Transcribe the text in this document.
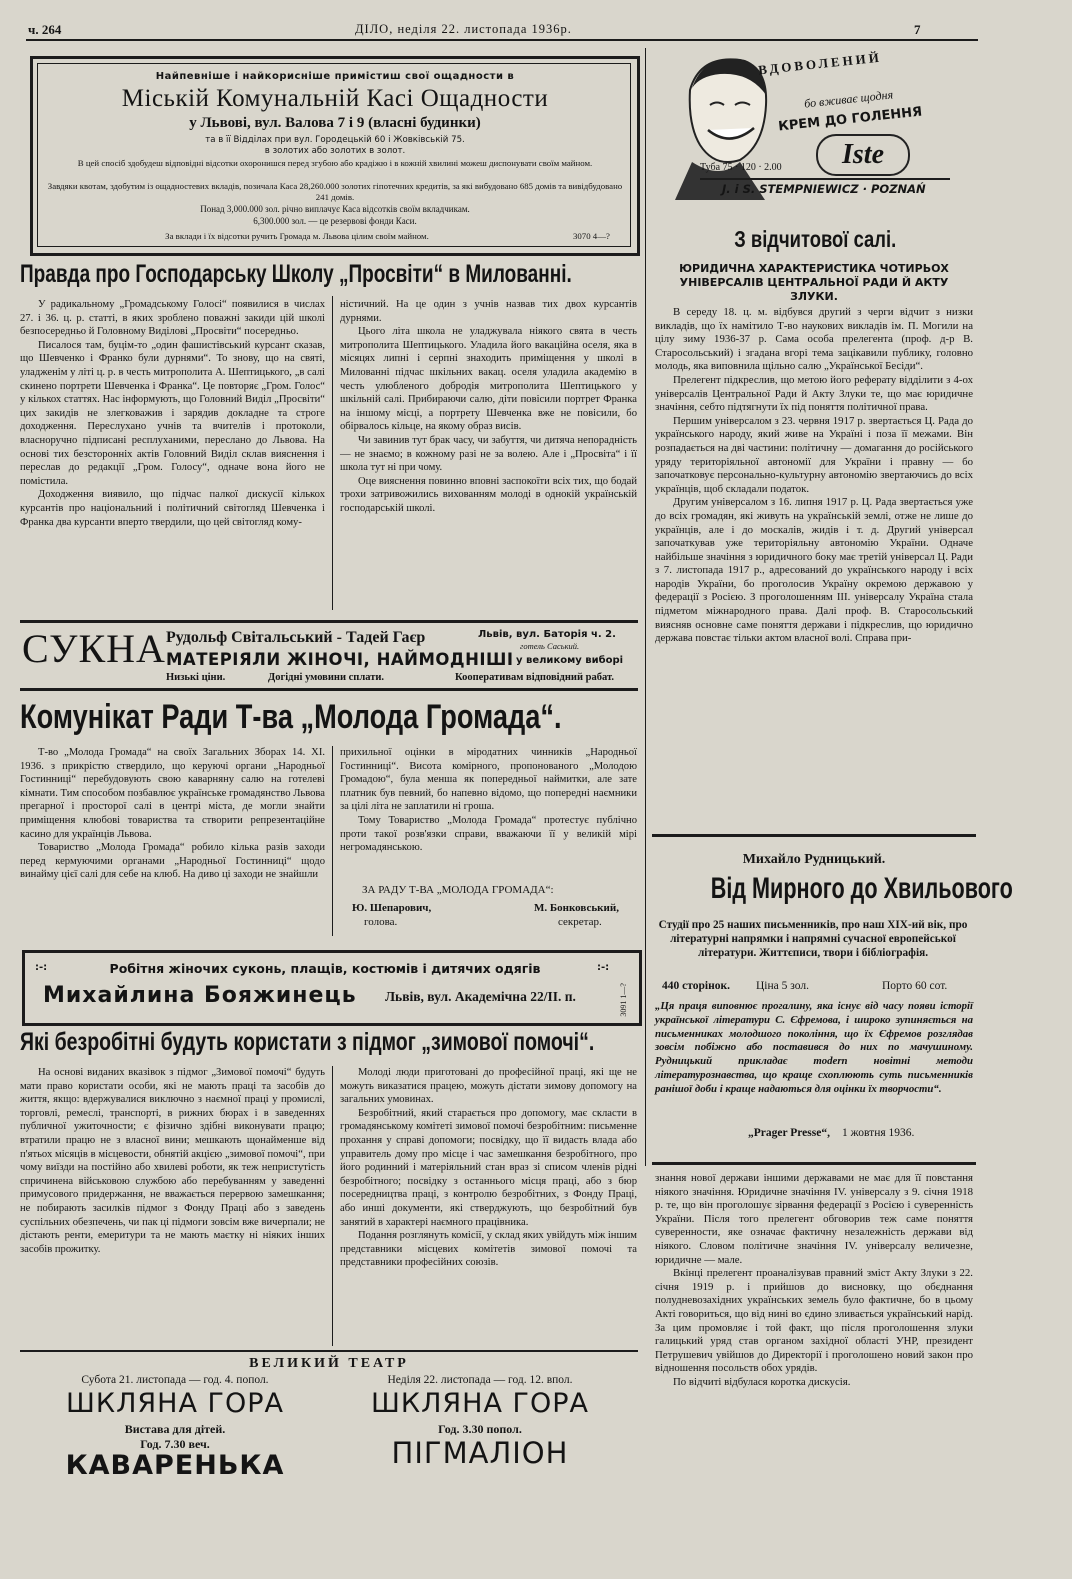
ч. 264	ДІЛО, неділя 22. листопада 1936р.	7
Найпевніше і найкорисніше примістиш свої ощадности в
Міській Комунальній Касі Ощадности
у Львові, вул. Валова 7 і 9 (власні будинки)
та в її Відділах при вул. Городецькій 60 і Жовківській 75.
в золотих або золотих в золот.
В цей спосіб здобудеш відповідні відсотки охоронишся перед згубою або крадіжю і в кожній хвилині можеш диспонувати своїм майном.
Завдяки квотам, здобутим із ощадностевих вкладів, позичала Каса 28,260.000 золотих гіпотечних кредитів, за які вибудовано 685 домів та вивідбудовано 241 домів.
Понад 3,000.000 зол. річно виплачує Каса відсотків своїм вкладчикам.
6,300.000 зол. — це резервові фонди Каси.
За вклади і їх відсотки ручить Громада м. Львова цілим своїм майном.	3070 4—?
ВДОВОЛЕНИЙ
бо вживає щодня
КРЕМ ДО ГОЛЕННЯ
Iste
Туба 75 · 120 · 2.00
J. i S. STEMPNIEWICZ · POZNAŃ
Правда про Господарську Школу „Просвіти“ в Милованні.

У радикальному „Громадському Голосі“ появилися в числах 27. і 36. ц. р. статті, в яких зроблено поважні закиди цій школі безпосередньо й Головному Виділові „Просвіти“ посередньо.

Писалося там, буцім-то „один фашистівський курсант сказав, що Шевченко і Франко були дурнями“. То знову, що на святі, уладженім у літі ц. р. в честь митрополита А. Шептицького, „в салі скинено портрети Шевченка і Франка“. Це повторяє „Гром. Голос“ у кількох статтях. Нас інформують, що Головний Виділ „Просвіти“ цих закидів не злегковажив і зарядив докладне та строге доходження. Переслухано учнів та вчителів і протоколи, власноручно підписані респлуханими, переслано до Львова. На основі тих безсторонніх актів Головний Виділ склав вияснення і переслав до редакції „Гром. Голосу“, одначе вона його не помістила.

Доходження виявило, що підчас палкої дискусії кількох курсантів про національний і політичний світогляд Шевченка і Франка два курсанти вперто твердили, що цей світогляд кому-

ністичний. На це один з учнів назвав тих двох курсантів дурнями.

Цього літа школа не уладжувала ніякого свята в честь митрополита Шептицького. Уладила його вакаційна оселя, яка в місяцях липні і серпні знаходить приміщення у школі в Милованні підчас шкільних вакац. оселя уладила академію в честь улюбленого добродія митрополита Шептицького у шкільній салі. Прибираючи салю, діти повісили портрет Франка на іншому місці, а портрету Шевченка вже не повісили, бо обірвалось кільце, на якому образ висів.

Чи завинив тут брак часу, чи забуття, чи дитяча непорадність — не знаємо; в кожному разі не за волею. Але і „Просвіта“ і її школа тут ні при чому.

Оце вияснення повинно вповні заспокоїти всіх тих, що бодай трохи затривожились вихованням молоді в однокій українській господарській школі.

СУКНА Рудольф Світальський - Тадей Гаєр	Львів, вул. Баторія ч. 2.
готель Саський.
МАТЕРІЯЛИ ЖІНОЧІ, НАЙМОДНІШІ у великому виборі
Низькі ціни.	Догідні умовини сплати.	Кооперативам відповідний рабат.
Комунікат Ради Т-ва „Молода Громада“.

Т-во „Молода Громада“ на своїх Загальних Зборах 14. XI. 1936. з прикрістю ствердило, що керуючі органи „Народньої Гостинниці“ перебудовують свою каварняну салю на готелеві кімнати. Тим способом позбавлює українське громадянство Львова прегарної і просторої салі в центрі міста, де могли знайти приміщення клюбові товариства та створити репрезентаційне касино для українців Львова.

Товариство „Молода Громада“ робило кілька разів заходи перед кермуючими органами „Народньої Гостинниці“ щодо винайму цієї салі для себе на клюб. На диво ці заходи не знайшли

прихильної оцінки в міродатних чинників „Народньої Гостинниці“. Висота комірного, пропонованого „Молодою Громадою“, була менша як попередньої наймитки, але зате платник був певний, бо напевно відомо, що попередні наємники за цілі літа не заплатили ні гроша.

Тому Товариство „Молода Громада“ протестує публічно проти такої розв'язки справи, вважаючи її у великій мірі негромадянською.

ЗА РАДУ Т-ВА „МОЛОДА ГРОМАДА“:
Ю. Шепарович,
голова.
М. Бонковський,
секретар.
:-:	Робітня жіночих суконь, плащів, костюмів і дитячих одягів	:-:
Михайлина Бояжинець Львів, вул. Академічна 22/ІІ. п.	3091 1—?
Які безробітні будуть користати з підмог „зимової помочі“.

На основі виданих вказівок з підмог „Зимової помочі“ будуть мати право користати особи, які не мають праці та засобів до життя, якщо: вдержувалися виключно з наємної праці у промислі, торговлі, ремеслі, транспорті, в рижних бюрах і в заведеннях публичної ужиточности; є фізично здібні виконувати працю; втратили працю не з власної вини; мешкають щонайменше від п'ятьох місяців в місцевости, обнятій акцією „зимової помочі“, при чому виїзди на постійно або хвилеві роботи, як теж непристутість спричинена військовою службою або перебуванням у заведенні примусового придержання, не вважається перервою замешкання; не побирають засилків підмог з Фонду Праці або з заведень суспільних обезпечень, чи пак ці підмоги зовсім вже вичерпали; не дістають ренти, емеритури та не мають маєтку ні ніяких інших засобів прожитку.

Молоді люди приготовані до професійної праці, які ще не можуть виказатися працею, можуть дістати зимову допомогу на загальних умовинах.

Безробітний, який старається про допомогу, має скласти в громадянському комітеті зимової помочі безробітним: письменне прохання у справі допомоги; посвідку, що її видасть влада або управитель дому про місце і час замешкання безробітного, про його родинний і матеріяльний стан враз зі списом членів рідні безробітного; посвідку з останнього місця праці, або з бюр посередництва праці, з контролю безробітних, з Фонду Праці, або инші документи, які стверджують, що безробітний був занятий в характері наємного працівника.

Подання розглянуть комісії, у склад яких увійдуть між іншим представники місцевих комітетів зимової помочі та представники професійних союзів.

ВЕЛИКИЙ ТЕАТР
Субота 21. листопада — год. 4. попол.
ШКЛЯНА ГОРА
Вистава для дітей.
Год. 7.30 веч.
КАВАРЕНЬКА
Неділя 22. листопада — год. 12. впол.
ШКЛЯНА ГОРА
Год. 3.30 попол.
ПІГМАЛІОН
З відчитової салі.
ЮРИДИЧНА ХАРАКТЕРИСТИКА ЧОТИРЬОХ УНІВЕРСАЛІВ ЦЕНТРАЛЬНОЇ РАДИ Й АКТУ ЗЛУКИ.

В середу 18. ц. м. відбувся другий з черги відчит з низки викладів, що їх намітило Т-во наукових викладів ім. П. Могили на цілу зиму 1936-37 р. Сама особа прелегента (проф. д-р В. Старосольський) і згадана вгорі тема зацікавили публику, головно молодь, яка виповнила щільно салю „Української Бесіди“.

Прелегент підкреслив, що метою його реферату відділити з 4-ох універсалів Центральної Ради й Акту Злуки те, що має юридичне значіння, себто підтягнути їх під поняття політичної права.

Першим універсалом з 23. червня 1917 р. звертається Ц. Рада до українського народу, який живе на Україні і поза її межами. Він розпадається на дві частини: політичну — домагання до російського уряду територіяльної автономії для України і правну — бо започатковує персонально-культурну автономію звертаючись до всіх українців, щоб складали податок.

Другим універсалом з 16. липня 1917 р. Ц. Рада звертається уже до всіх громадян, які живуть на українській землі, отже не лише до українців, але і до москалів, жидів і т. д. Другий універсал започаткував уже територіяльну автономію України. Одначе найбільше значіння з юридичного боку має третій універсал Ц. Ради з 7. листопада 1917 р., адресований до українського народу і всіх народів України, бо проголосив Україну окремою державою у федерації з Росією. З проголошенням III. універсалу Україна стала підметом міжнародного права. Далі проф. В. Старосольський виясняв основне саме поняття держави і підкреслив, що юридично держава повстає тільки актом власної волі. Справа при-

Михайло Рудницький.
Від Мирного до Хвильового
Студії про 25 наших письменників, про наш XIX-ий вік, про літературні напрямки і напрямні сучасної европейської літератури. Життєписи, твори і бібліографія.
440 сторінок. Ціна 5 зол.	Порто 60 сот.
„Ця праця виповнює прогалину, яка існує від часу появи історії української літератури С. Єфремова, і широко зупиняється на письменниках молодшого покоління, що їх Єфремов розглядав зовсім побіжно або поставився до них по мачушиному. Рудницький прикладає modern новітні методи літературознавства, що краще схоплюють суть письменників ранішої доби і краще надаються для оцінки їх творчости“.
„Prager Presse“, 1 жовтня 1936.

знання нової держави іншими державами не має для її повстання ніякого значіння. Юридичне значіння IV. універсалу з 9. січня 1918 р. те, що він проголошує зірвання федерації з Росією і суверенність України. Після того прелегент обговорив теж саме поняття суверенности, яке означає фактичну незалежність держави від ніякого. Словом політичне значіння IV. універсалу величезне, юридичне — мале.

Вкінці прелегент проаналізував правний зміст Акту Злуки з 22. січня 1919 р. і прийшов до висновку, що обєднання полудневозахідних українських земель було фактичне, бо в цьому Акті говориться, що від нині во єдино зливається український нарід. За цим промовляє і той факт, що після проголошення злуки галицький уряд став органом західної області УНР, президент Петрушевич увійшов до Директорії і проголошено новий закон про відношення посольств обох урядів.

По відчиті відбулася коротка дискусія.
